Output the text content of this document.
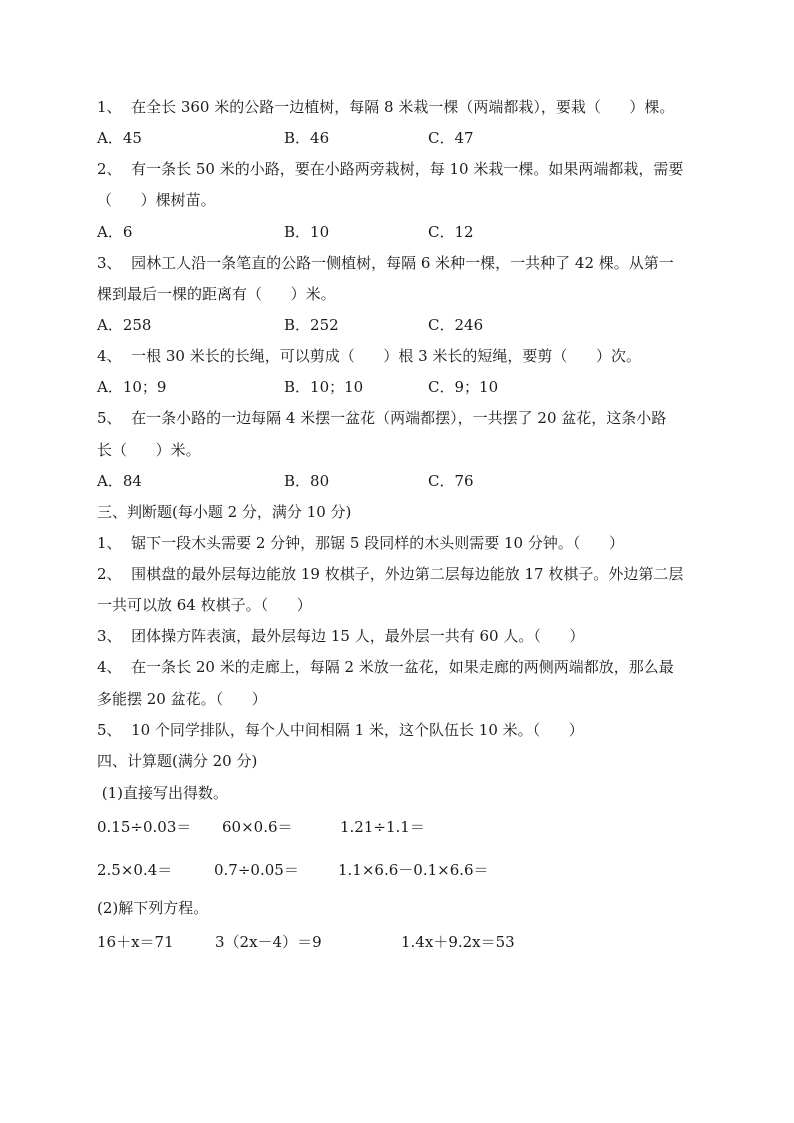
1、  在全长 360 米的公路一边植树，每隔 8 米栽一棵（两端都栽），要栽（      ）棵。
A．45	B．46	C．47
2、  有一条长 50 米的小路，要在小路两旁栽树，每 10 米栽一棵。如果两端都栽，需要
（      ）棵树苗。
A．6	B．10	C．12
3、  园林工人沿一条笔直的公路一侧植树，每隔 6 米种一棵，一共种了 42 棵。从第一
棵到最后一棵的距离有（      ）米。
A．258	B．252	C．246
4、  一根 30 米长的长绳，可以剪成（      ）根 3 米长的短绳，要剪（      ）次。
A．10；9	B．10；10	C．9；10
5、  在一条小路的一边每隔 4 米摆一盆花（两端都摆），一共摆了 20 盆花，这条小路
长（      ）米。
A．84	B．80	C．76
三、判断题(每小题 2 分，满分 10 分)
1、  锯下一段木头需要 2 分钟，那锯 5 段同样的木头则需要 10 分钟。（      ）
2、  围棋盘的最外层每边能放 19 枚棋子，外边第二层每边能放 17 枚棋子。外边第二层
一共可以放 64 枚棋子。（      ）
3、  团体操方阵表演，最外层每边 15 人，最外层一共有 60 人。（      ）
4、  在一条长 20 米的走廊上，每隔 2 米放一盆花，如果走廊的两侧两端都放，那么最
多能摆 20 盆花。（      ）
5、  10 个同学排队，每个人中间相隔 1 米，这个队伍长 10 米。（      ）
四、计算题(满分 20 分)
(1)直接写出得数。
0.15÷0.03＝ 60×0.6＝	1.21÷1.1＝
2.5×0.4＝	0.7÷0.05＝	1.1×6.6－0.1×6.6＝
(2)解下列方程。
16＋x＝71	3（2x－4）＝9	1.4x＋9.2x＝53
